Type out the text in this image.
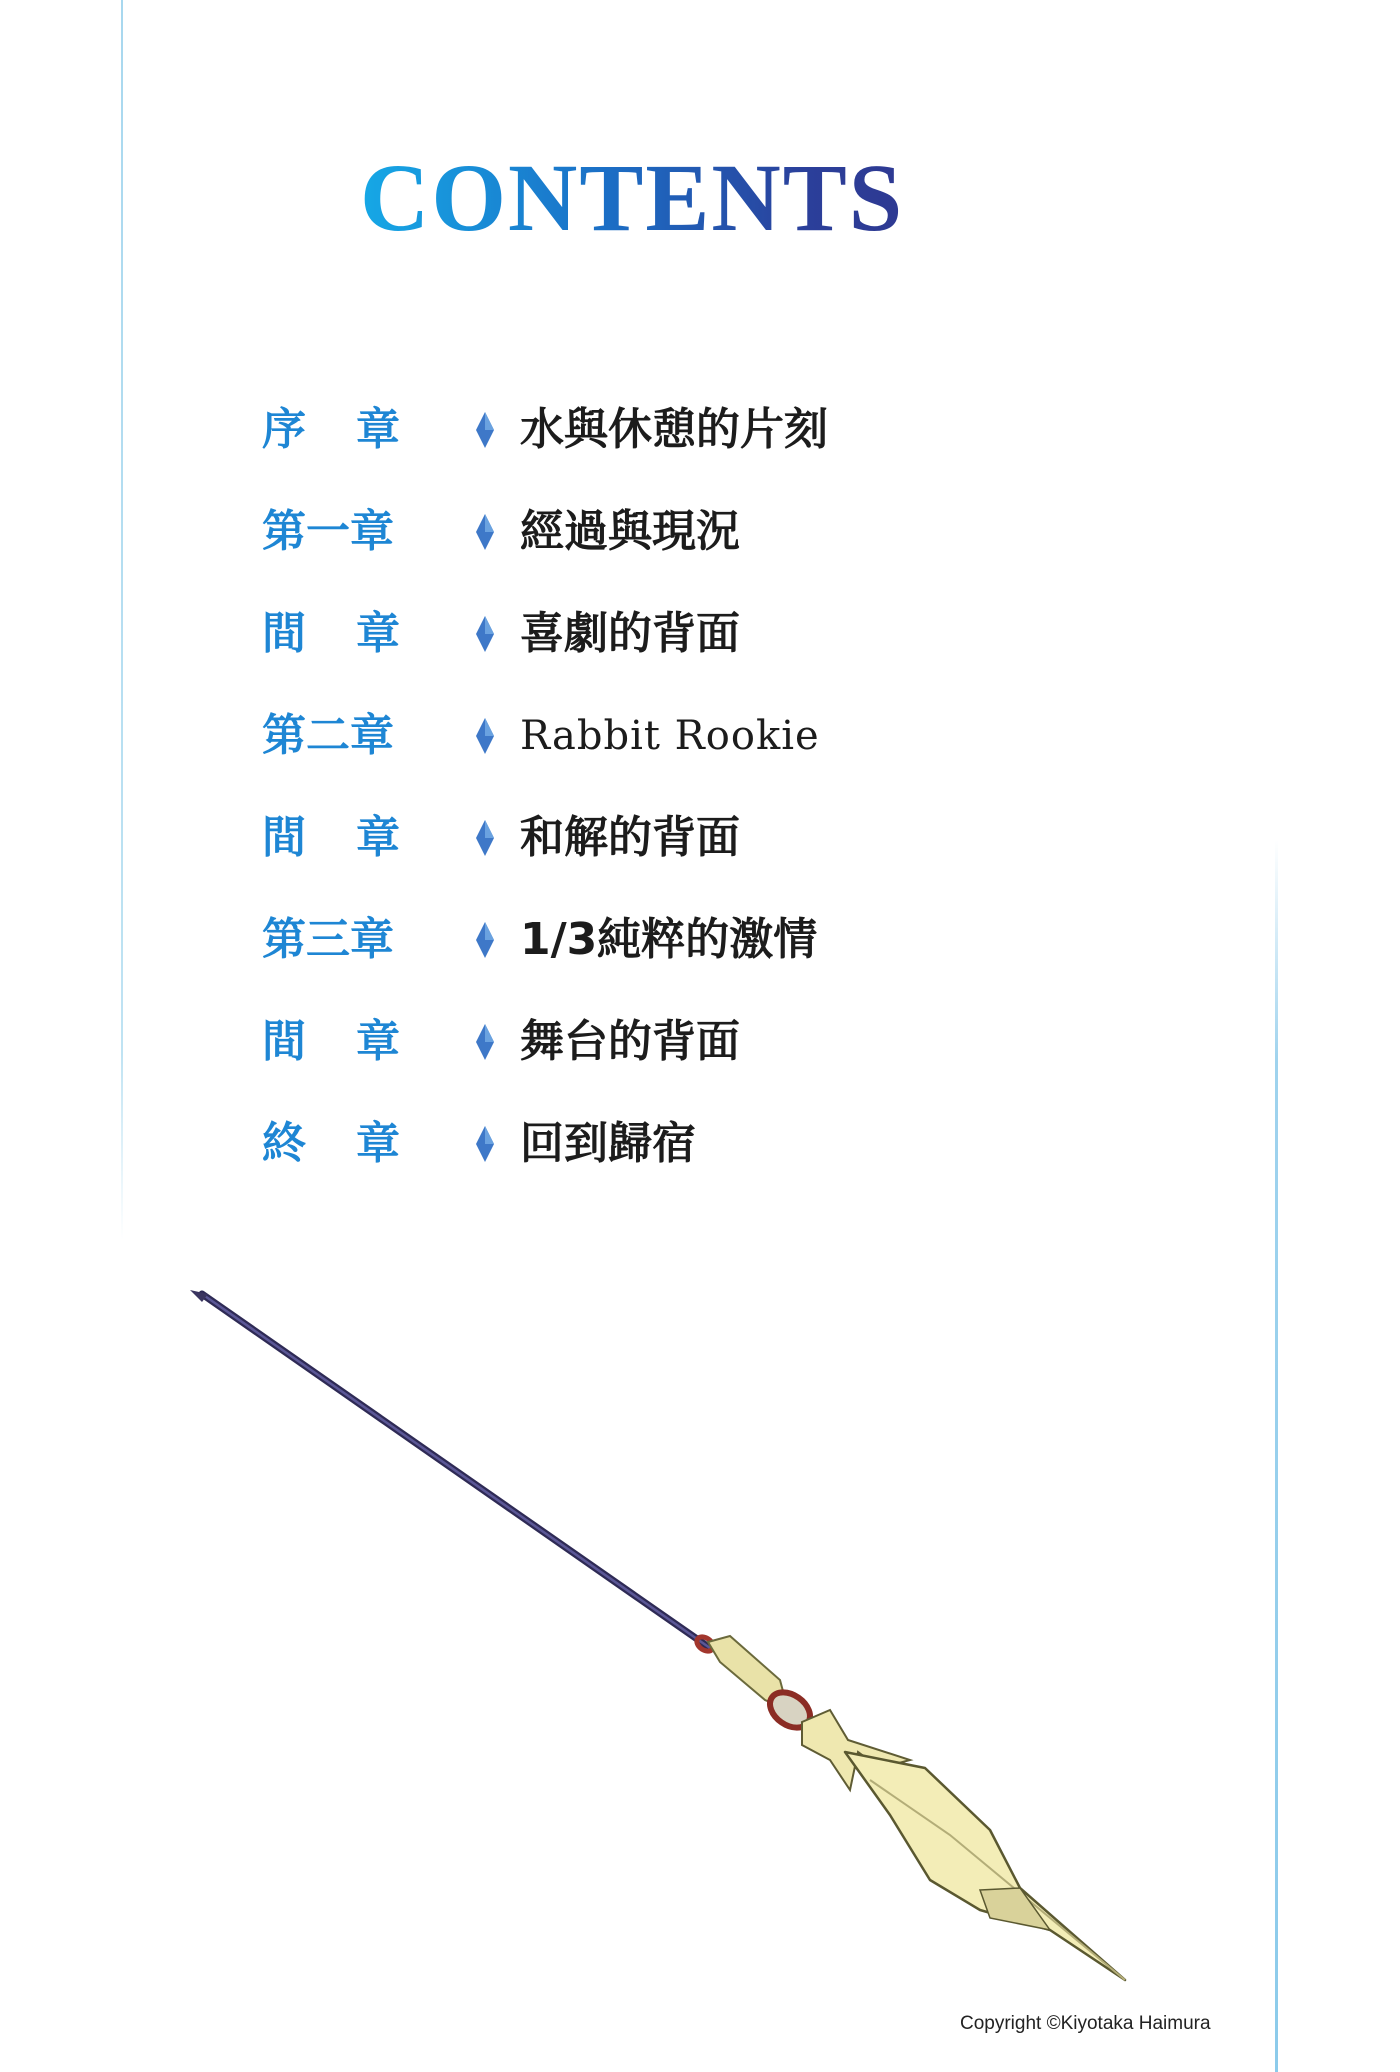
CONTENTS
序 章	水與休憩的片刻
第一章	經過與現況
間 章	喜劇的背面
第二章	Rabbit Rookie
間 章	和解的背面
第三章	1/3純粹的激情
間 章	舞台的背面
終 章	回到歸宿
Copyright ©Kiyotaka Haimura
